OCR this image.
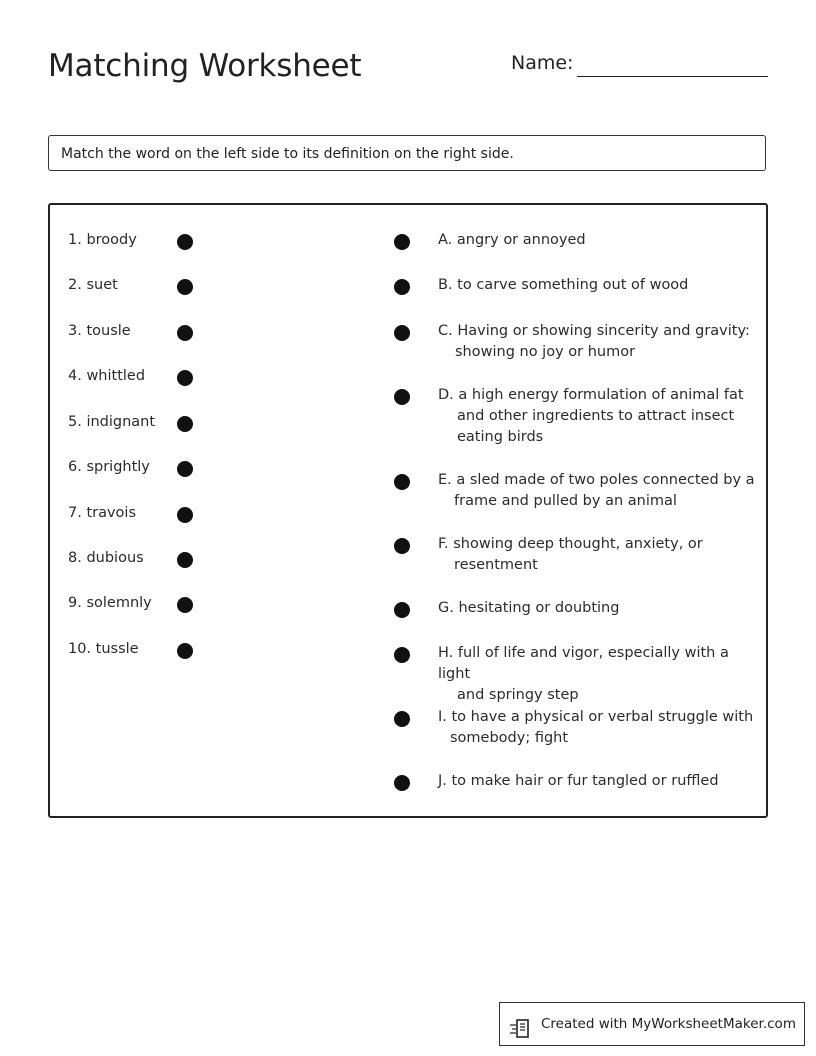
Matching Worksheet	Name:
Match the word on the left side to its definition on the right side.
1. broody
2. suet
3. tousle
4. whittled
5. indignant
6. sprightly
7. travois
8. dubious
9. solemnly
10. tussle
A. angry or annoyed
B. to carve something out of wood
C. Having or showing sincerity and gravity:
showing no joy or humor
D. a high energy formulation of animal fat
and other ingredients to attract insect
eating birds
E. a sled made of two poles connected by a
frame and pulled by an animal
F. showing deep thought, anxiety, or
resentment
G. hesitating or doubting
H. full of life and vigor, especially with a light
and springy step
I. to have a physical or verbal struggle with
somebody; fight
J. to make hair or fur tangled or ruffled
Created with MyWorksheetMaker.com
